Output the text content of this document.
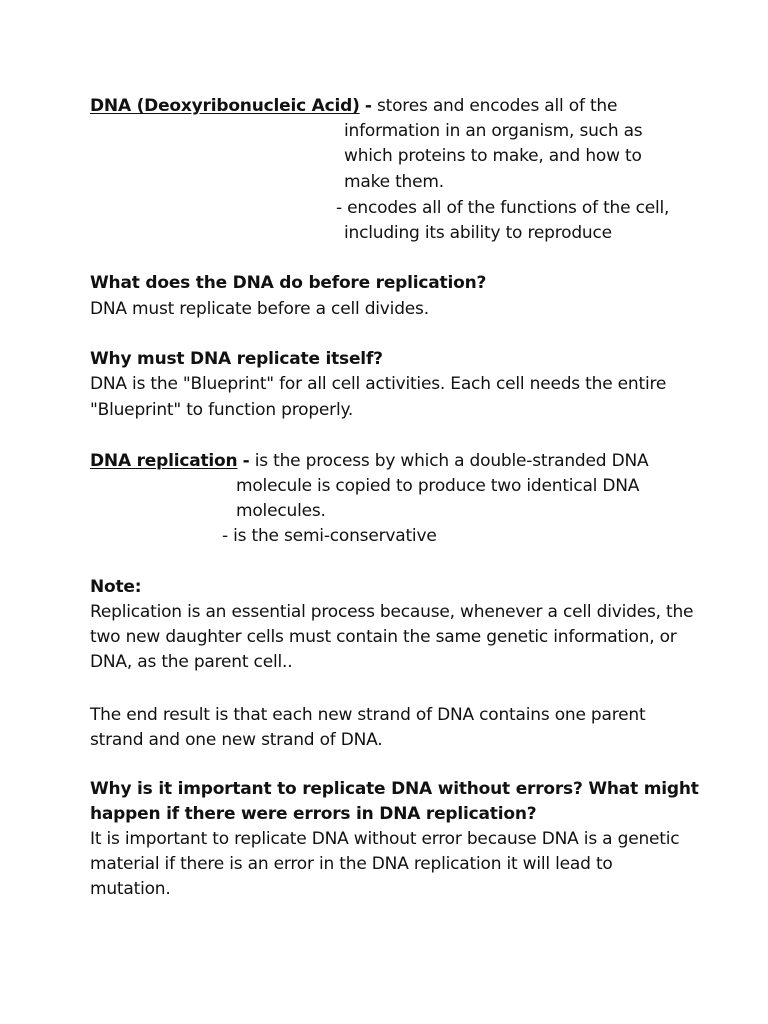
DNA (Deoxyribonucleic Acid) - stores and encodes all of the
information in an organism, such as
which proteins to make, and how to
make them.
- encodes all of the functions of the cell,
including its ability to reproduce
What does the DNA do before replication?
DNA must replicate before a cell divides.
Why must DNA replicate itself?
DNA is the "Blueprint" for all cell activities. Each cell needs the entire
"Blueprint" to function properly.
DNA replication - is the process by which a double-stranded DNA
molecule is copied to produce two identical DNA
molecules.
- is the semi-conservative
Note:
Replication is an essential process because, whenever a cell divides, the
two new daughter cells must contain the same genetic information, or
DNA, as the parent cell..
The end result is that each new strand of DNA contains one parent
strand and one new strand of DNA.
Why is it important to replicate DNA without errors? What might
happen if there were errors in DNA replication?
It is important to replicate DNA without error because DNA is a genetic
material if there is an error in the DNA replication it will lead to
mutation.
